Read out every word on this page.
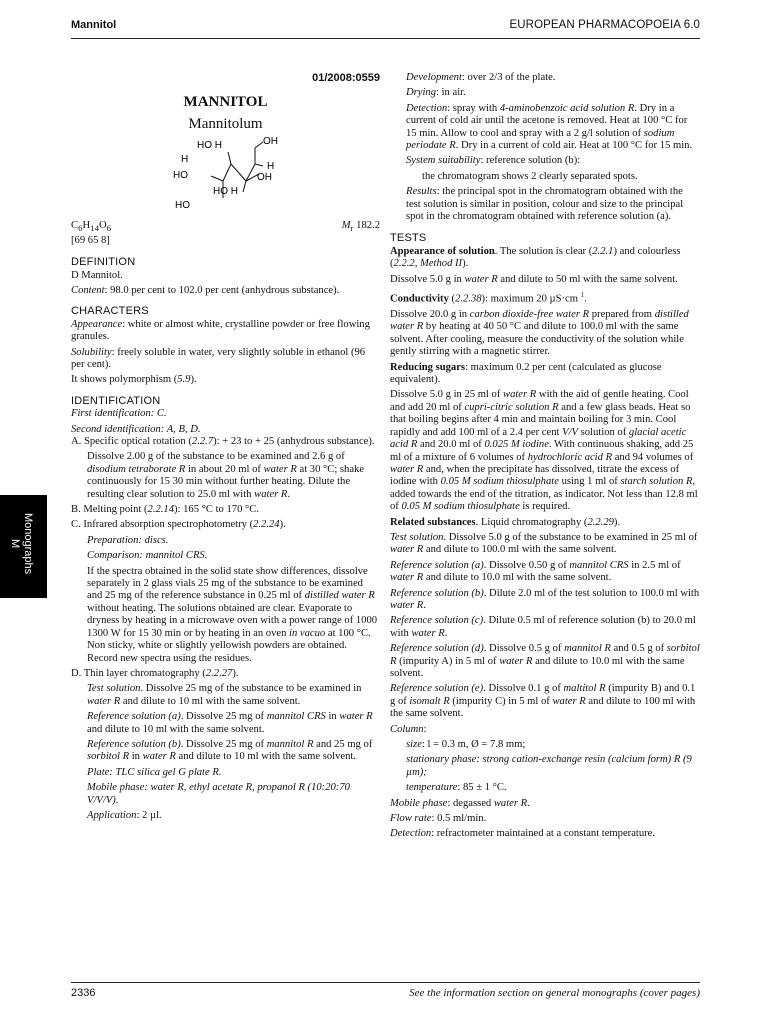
Mannitol	EUROPEAN PHARMACOPOEIA 6.0
Monographs
M
01/2008:0559
MANNITOL
Mannitolum
OH
HO H
H
H
HO	OH
HO H
HO
$C_6H_{14}O_6$	$M_r$ 182.2

[69 65 8]

DEFINITION

D Mannitol.

Content: 98.0 per cent to 102.0 per cent (anhydrous substance).

CHARACTERS

Appearance: white or almost white, crystalline powder or free flowing granules.

Solubility: freely soluble in water, very slightly soluble in ethanol (96 per cent).

It shows polymorphism (5.9).

IDENTIFICATION

First identification: C.

Second identification: A, B, D.

A. Specific optical rotation (2.2.7): + 23 to + 25 (anhydrous substance).

Dissolve 2.00 g of the substance to be examined and 2.6 g of disodium tetraborate R in about 20 ml of water R at 30 °C; shake continuously for 15 30 min without further heating. Dilute the resulting clear solution to 25.0 ml with water R.

B. Melting point (2.2.14): 165 °C to 170 °C.

C. Infrared absorption spectrophotometry (2.2.24).

Preparation: discs.

Comparison: mannitol CRS.

If the spectra obtained in the solid state show differences, dissolve separately in 2 glass vials 25 mg of the substance to be examined and 25 mg of the reference substance in 0.25 ml of distilled water R without heating. The solutions obtained are clear. Evaporate to dryness by heating in a microwave oven with a power range of 1000 1300 W for 15 30 min or by heating in an oven in vacuo at 100 °C. Non sticky, white or slightly yellowish powders are obtained. Record new spectra using the residues.

D. Thin layer chromatography (2.2.27).

Test solution. Dissolve 25 mg of the substance to be examined in water R and dilute to 10 ml with the same solvent.

Reference solution (a). Dissolve 25 mg of mannitol CRS in water R and dilute to 10 ml with the same solvent.

Reference solution (b). Dissolve 25 mg of mannitol R and 25 mg of sorbitol R in water R and dilute to 10 ml with the same solvent.

Plate: TLC silica gel G plate R.

Mobile phase: water R, ethyl acetate R, propanol R (10:20:70 V/V/V).

Application: 2 µl.

Development: over 2/3 of the plate.

Drying: in air.

Detection: spray with 4-aminobenzoic acid solution R. Dry in a current of cold air until the acetone is removed. Heat at 100 °C for 15 min. Allow to cool and spray with a 2 g/l solution of sodium periodate R. Dry in a current of cold air. Heat at 100 °C for 15 min.

System suitability: reference solution (b):

the chromatogram shows 2 clearly separated spots.

Results: the principal spot in the chromatogram obtained with the test solution is similar in position, colour and size to the principal spot in the chromatogram obtained with reference solution (a).

TESTS

Appearance of solution. The solution is clear (2.2.1) and colourless (2.2.2, Method II).

Dissolve 5.0 g in water R and dilute to 50 ml with the same solvent.

Conductivity (2.2.38): maximum 20 µS·cm $^1$.

Dissolve 20.0 g in carbon dioxide-free water R prepared from distilled water R by heating at 40 50 °C and dilute to 100.0 ml with the same solvent. After cooling, measure the conductivity of the solution while gently stirring with a magnetic stirrer.

Reducing sugars: maximum 0.2 per cent (calculated as glucose equivalent).

Dissolve 5.0 g in 25 ml of water R with the aid of gentle heating. Cool and add 20 ml of cupri-citric solution R and a few glass beads. Heat so that boiling begins after 4 min and maintain boiling for 3 min. Cool rapidly and add 100 ml of a 2.4 per cent V/V solution of glacial acetic acid R and 20.0 ml of 0.025 M iodine. With continuous shaking, add 25 ml of a mixture of 6 volumes of hydrochloric acid R and 94 volumes of water R and, when the precipitate has dissolved, titrate the excess of iodine with 0.05 M sodium thiosulphate using 1 ml of starch solution R, added towards the end of the titration, as indicator. Not less than 12.8 ml of 0.05 M sodium thiosulphate is required.

Related substances. Liquid chromatography (2.2.29).

Test solution. Dissolve 5.0 g of the substance to be examined in 25 ml of water R and dilute to 100.0 ml with the same solvent.

Reference solution (a). Dissolve 0.50 g of mannitol CRS in 2.5 ml of water R and dilute to 10.0 ml with the same solvent.

Reference solution (b). Dilute 2.0 ml of the test solution to 100.0 ml with water R.

Reference solution (c). Dilute 0.5 ml of reference solution (b) to 20.0 ml with water R.

Reference solution (d). Dissolve 0.5 g of mannitol R and 0.5 g of sorbitol R (impurity A) in 5 ml of water R and dilute to 10.0 ml with the same solvent.

Reference solution (e). Dissolve 0.1 g of maltitol R (impurity B) and 0.1 g of isomalt R (impurity C) in 5 ml of water R and dilute to 100 ml with the same solvent.

Column:

size: l = 0.3 m, Ø = 7.8 mm;

stationary phase: strong cation-exchange resin (calcium form) R (9 µm);

temperature: 85 ± 1 °C.

Mobile phase: degassed water R.

Flow rate: 0.5 ml/min.

Detection: refractometer maintained at a constant temperature.

2336	See the information section on general monographs (cover pages)
